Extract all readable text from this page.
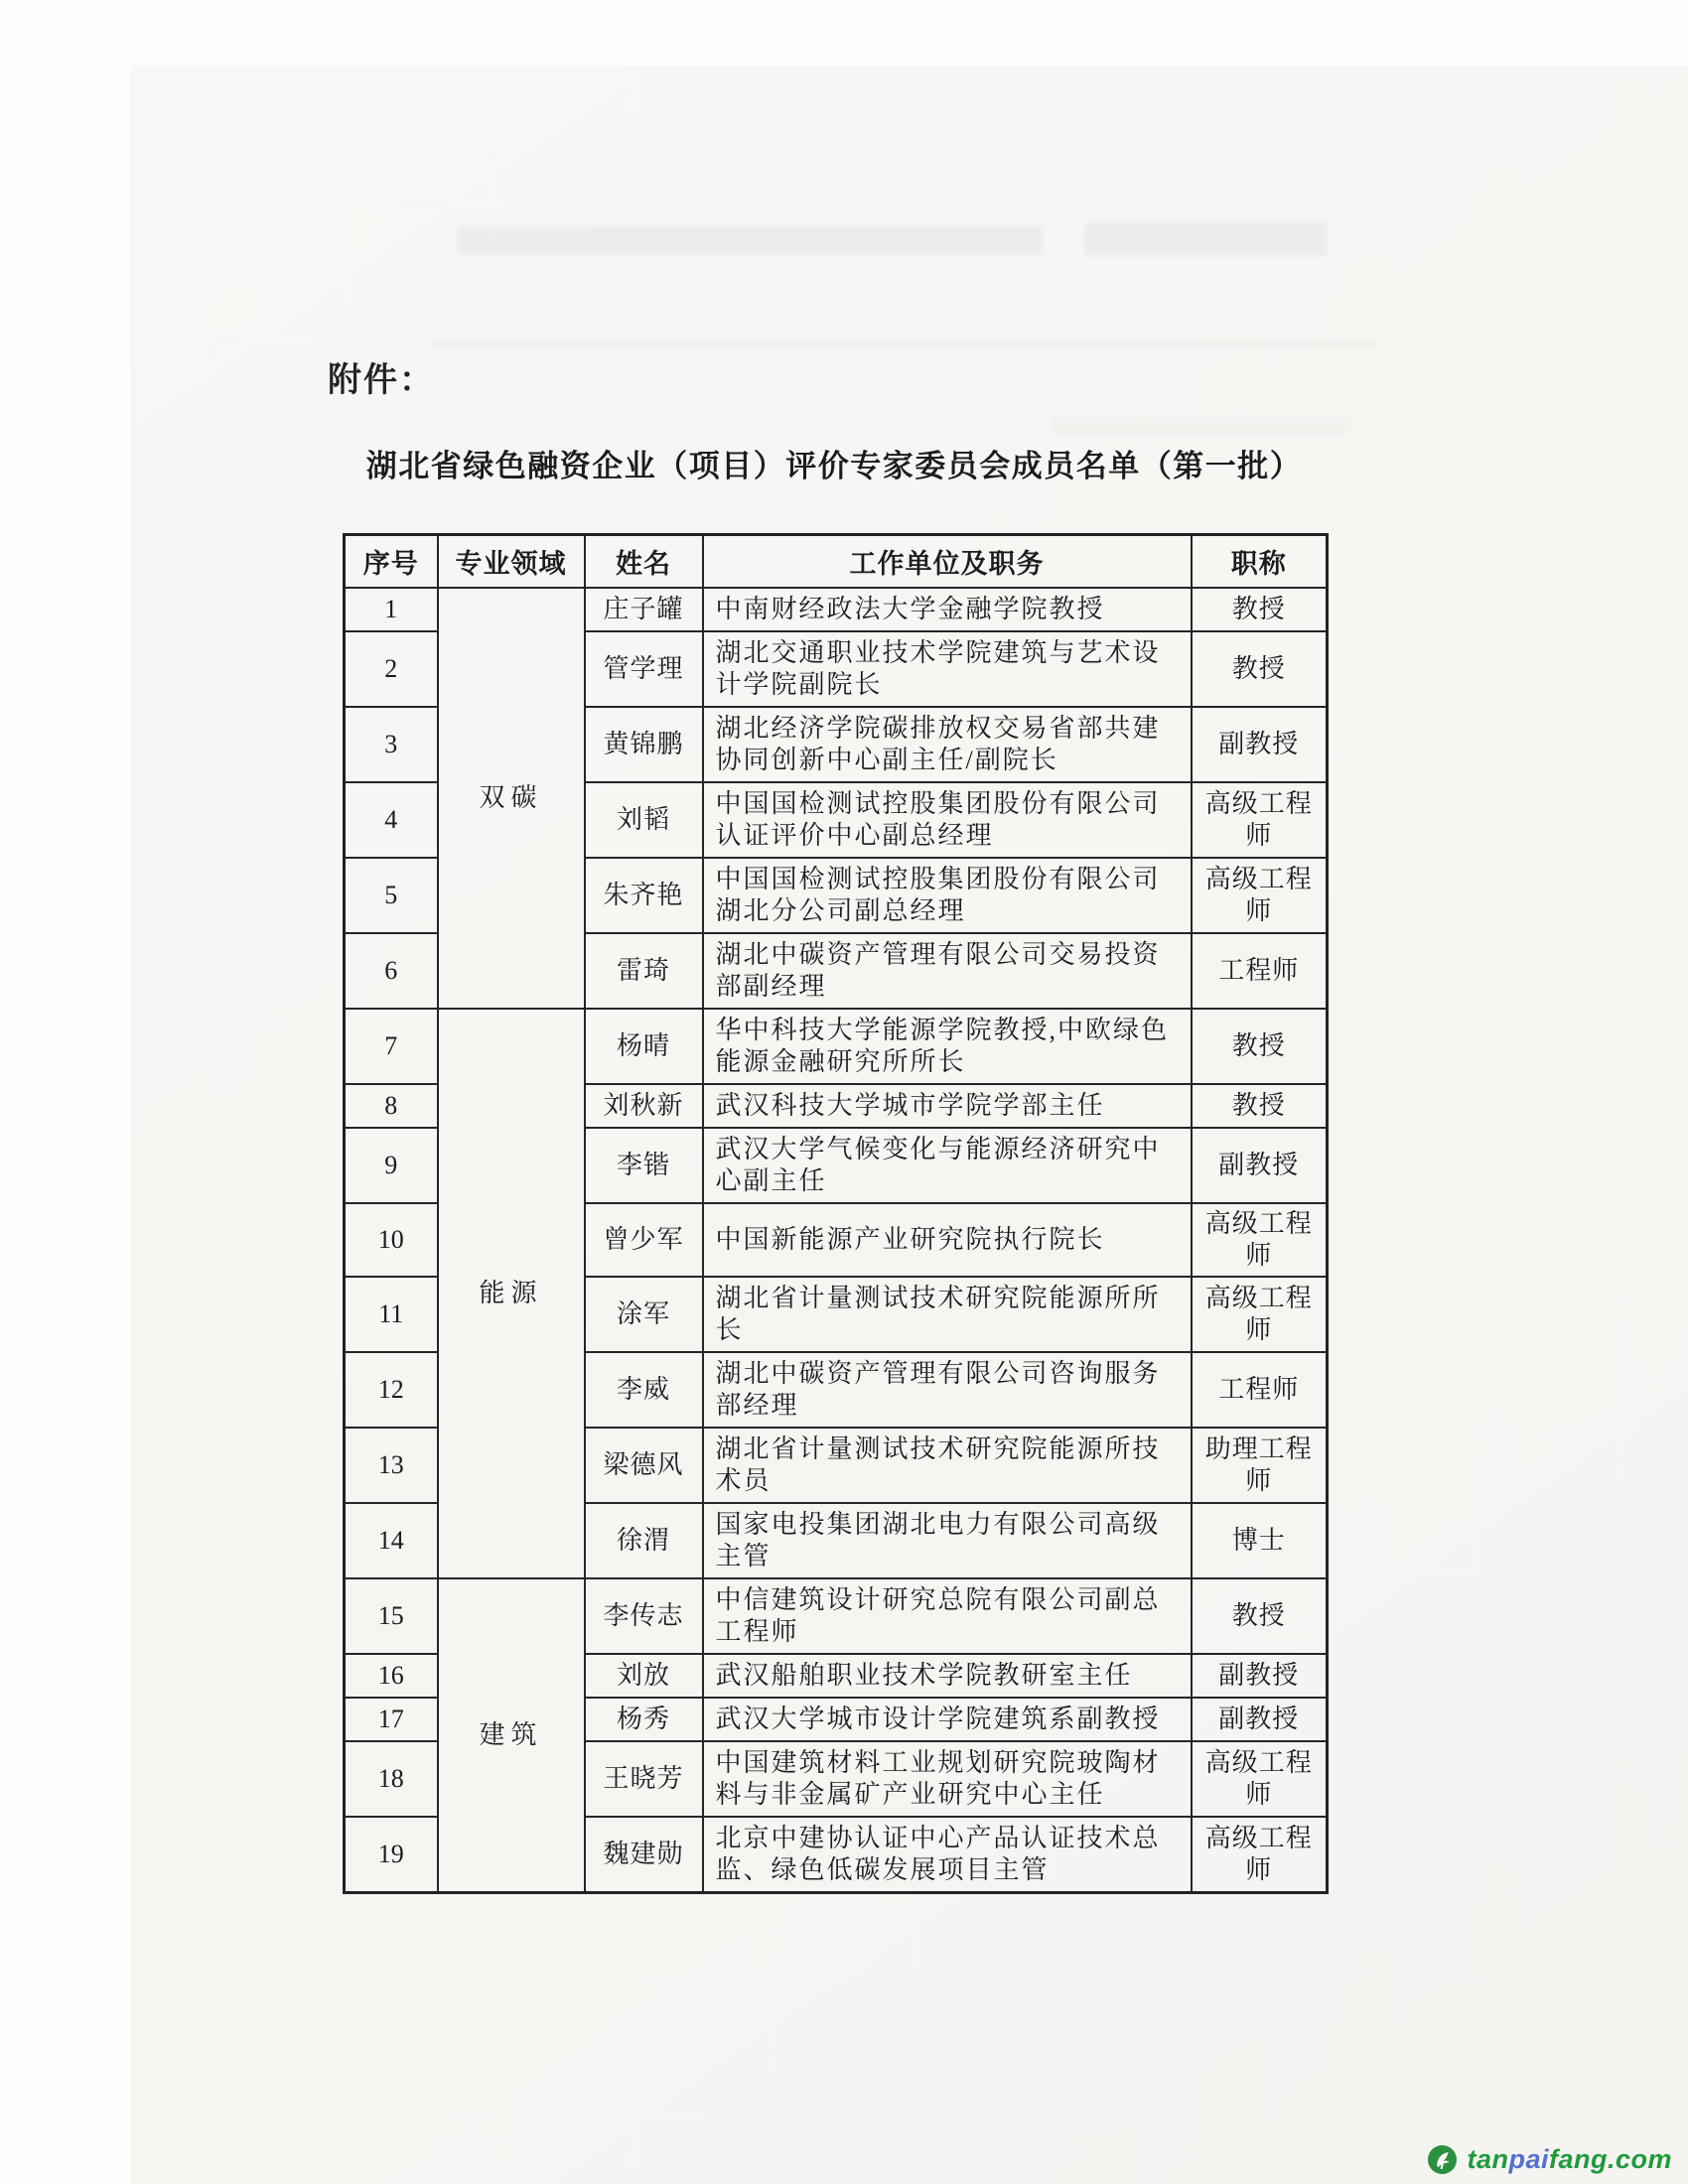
附件：
湖北省绿色融资企业（项目）评价专家委员会成员名单（第一批）
序号	专业领域	姓名	工作单位及职务	职称
1	双碳	庄子罐	中南财经政法大学金融学院教授	教授
2		管学理	湖北交通职业技术学院建筑与艺术设计学院副院长	教授
3		黄锦鹏	湖北经济学院碳排放权交易省部共建协同创新中心副主任/副院长	副教授
4		刘韬	中国国检测试控股集团股份有限公司认证评价中心副总经理	高级工程师
5		朱齐艳	中国国检测试控股集团股份有限公司湖北分公司副总经理	高级工程师
6		雷琦	湖北中碳资产管理有限公司交易投资部副经理	工程师
7	能源	杨晴	华中科技大学能源学院教授,中欧绿色能源金融研究所所长	教授
8		刘秋新	武汉科技大学城市学院学部主任	教授
9		李锴	武汉大学气候变化与能源经济研究中心副主任	副教授
10		曾少军	中国新能源产业研究院执行院长	高级工程师
11		涂军	湖北省计量测试技术研究院能源所所长	高级工程师
12		李威	湖北中碳资产管理有限公司咨询服务部经理	工程师
13		梁德风	湖北省计量测试技术研究院能源所技术员	助理工程师
14		徐渭	国家电投集团湖北电力有限公司高级主管	博士
15	建筑	李传志	中信建筑设计研究总院有限公司副总工程师	教授
16		刘放	武汉船舶职业技术学院教研室主任	副教授
17		杨秀	武汉大学城市设计学院建筑系副教授	副教授
18		王晓芳	中国建筑材料工业规划研究院玻陶材料与非金属矿产业研究中心主任	高级工程师
19		魏建勋	北京中建协认证中心产品认证技术总监、绿色低碳发展项目主管	高级工程师
tanpaifang.com
